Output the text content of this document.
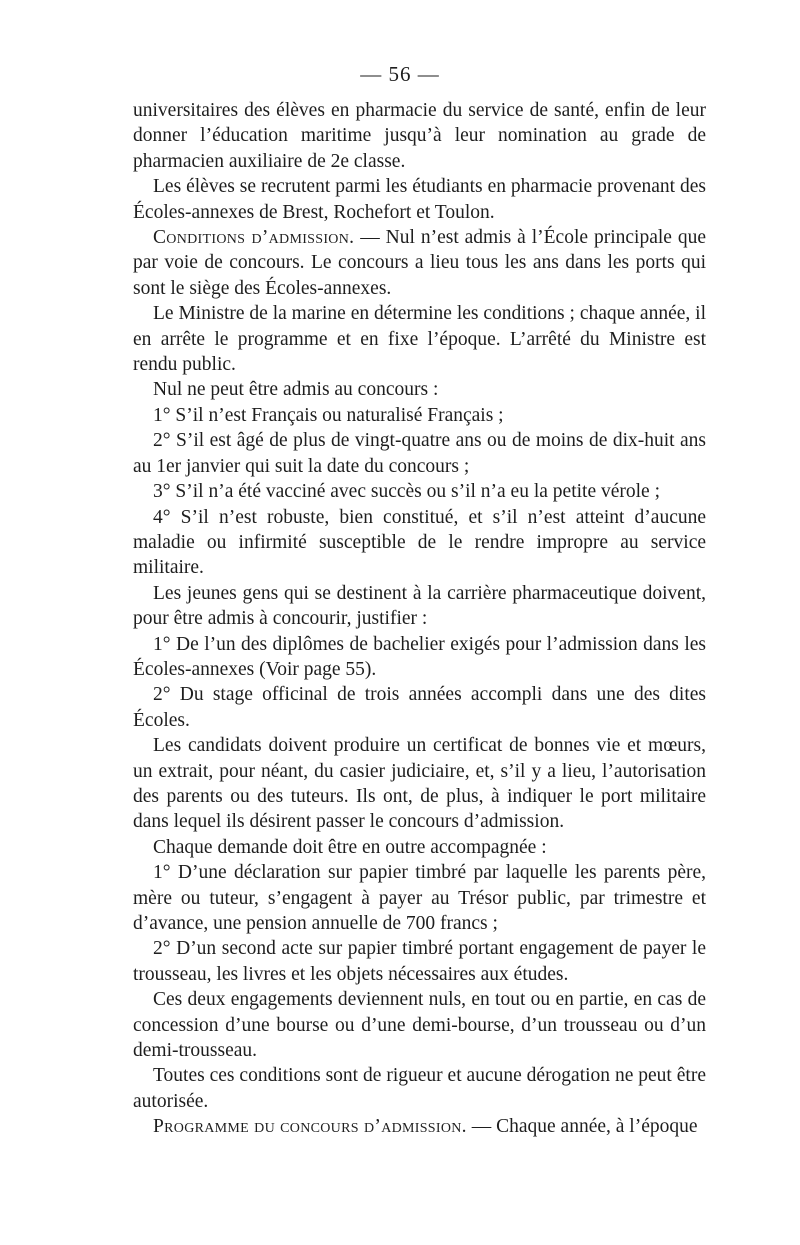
— 56 —

universitaires des élèves en pharmacie du service de santé, enfin de leur donner l’éducation maritime jusqu’à leur nomination au grade de pharmacien auxiliaire de 2e classe.

Les élèves se recrutent parmi les étudiants en pharmacie provenant des Écoles-annexes de Brest, Rochefort et Toulon.

Conditions d’admission. — Nul n’est admis à l’École principale que par voie de concours. Le concours a lieu tous les ans dans les ports qui sont le siège des Écoles-annexes.

Le Ministre de la marine en détermine les conditions ; chaque année, il en arrête le programme et en fixe l’époque. L’arrêté du Ministre est rendu public.

Nul ne peut être admis au concours :

1° S’il n’est Français ou naturalisé Français ;

2° S’il est âgé de plus de vingt-quatre ans ou de moins de dix-huit ans au 1er janvier qui suit la date du concours ;

3° S’il n’a été vacciné avec succès ou s’il n’a eu la petite vérole ;

4° S’il n’est robuste, bien constitué, et s’il n’est atteint d’aucune maladie ou infirmité susceptible de le rendre impropre au service militaire.

Les jeunes gens qui se destinent à la carrière pharmaceutique doivent, pour être admis à concourir, justifier :

1° De l’un des diplômes de bachelier exigés pour l’admission dans les Écoles-annexes (Voir page 55).

2° Du stage officinal de trois années accompli dans une des dites Écoles.

Les candidats doivent produire un certificat de bonnes vie et mœurs, un extrait, pour néant, du casier judiciaire, et, s’il y a lieu, l’autorisation des parents ou des tuteurs. Ils ont, de plus, à indiquer le port militaire dans lequel ils désirent passer le concours d’admission.

Chaque demande doit être en outre accompagnée :

1° D’une déclaration sur papier timbré par laquelle les parents père, mère ou tuteur, s’engagent à payer au Trésor public, par trimestre et d’avance, une pension annuelle de 700 francs ;

2° D’un second acte sur papier timbré portant engagement de payer le trousseau, les livres et les objets nécessaires aux études.

Ces deux engagements deviennent nuls, en tout ou en partie, en cas de concession d’une bourse ou d’une demi-bourse, d’un trousseau ou d’un demi-trousseau.

Toutes ces conditions sont de rigueur et aucune dérogation ne peut être autorisée.

Programme du concours d’admission. — Chaque année, à l’époque
